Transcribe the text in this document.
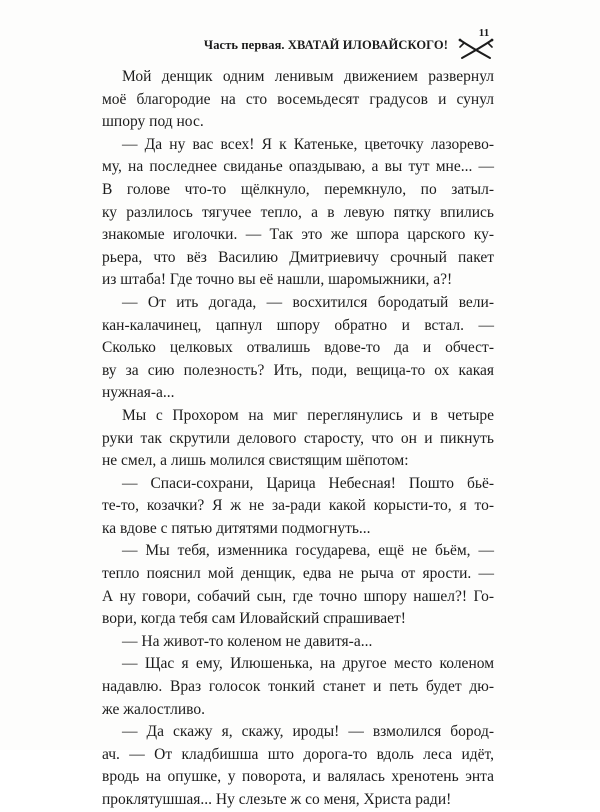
Часть первая. ХВАТАЙ ИЛОВАЙСКОГО!
11

Мой денщик одним ленивым движением развернул
моё благородие на сто восемьдесят градусов и сунул
шпору под нос.

— Да ну вас всех! Я к Катеньке, цветочку лазорево-
му, на последнее свиданье опаздываю, а вы тут мне... —
В голове что-то щёлкнуло, перемкнуло, по затыл-
ку разлилось тягучее тепло, а в левую пятку впились
знакомые иголочки. — Так это же шпора царского ку-
рьера, что вёз Василию Дмитриевичу срочный пакет
из штаба! Где точно вы её нашли, шаромыжники, а?!

— От ить догада, — восхитился бородатый вели-
кан-калачинец, цапнул шпору обратно и встал. —
Сколько целковых отвалишь вдове-то да и обчест-
ву за сию полезность? Ить, поди, вещица-то ох какая
нужная-а...

Мы с Прохором на миг переглянулись и в четыре
руки так скрутили делового старосту, что он и пикнуть
не смел, а лишь молился свистящим шёпотом:

— Спаси-сохрани, Царица Небесная! Пошто бьё-
те-то, козачки? Я ж не за-ради какой корысти-то, я то-
ка вдове с пятью дитятями подмогнуть...

— Мы тебя, изменника государева, ещё не бьём, —
тепло пояснил мой денщик, едва не рыча от ярости. —
А ну говори, собачий сын, где точно шпору нашел?! Го-
вори, когда тебя сам Иловайский спрашивает!

— На живот-то коленом не давитя-а...

— Щас я ему, Илюшенька, на другое место коленом
надавлю. Враз голосок тонкий станет и петь будет дю-
же жалостливо.

— Да скажу я, скажу, ироды! — взмолился бород-
ач. — От кладбишша што дорога-то вдоль леса идёт,
вродь на опушке, у поворота, и валялась хренотень энта
проклятушшая... Ну слезьте ж со меня, Христа ради!
